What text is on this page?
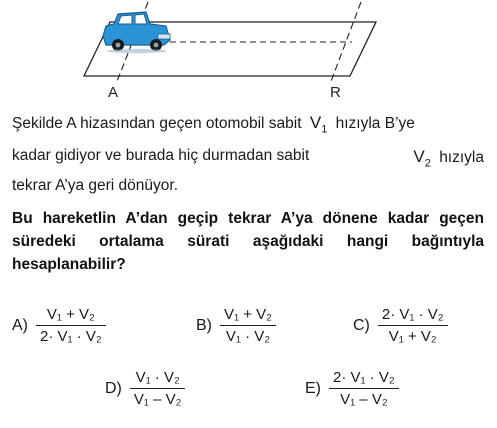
A	R
Şekilde A hizasından geçen otomobil sabit $V_1$ hızıyla B’ye
kadar gidiyor ve burada hiç durmadan sabit	$V_2$ hızıyla
tekrar A’ya geri dönüyor.
Bu hareketlin A’dan geçip tekrar A’ya dönene kadar geçen süredeki ortalama sürati aşağıdaki hangi bağıntıyla hesaplanabilir?
$A) \frac{\text{V₁ + V₂}}{\text{2· V₁ · V₂}}$	$B) \frac{\text{V₁ + V₂}}{\text{V₁ · V₂}}$	$C) \frac{\text{2· V₁ · V₂}}{\text{V₁ + V₂}}$
$D) \frac{\text{V₁ · V₂}}{\text{V₁ – V₂}}$	$E) \frac{\text{2· V₁ · V₂}}{\text{V₁ – V₂}}$
